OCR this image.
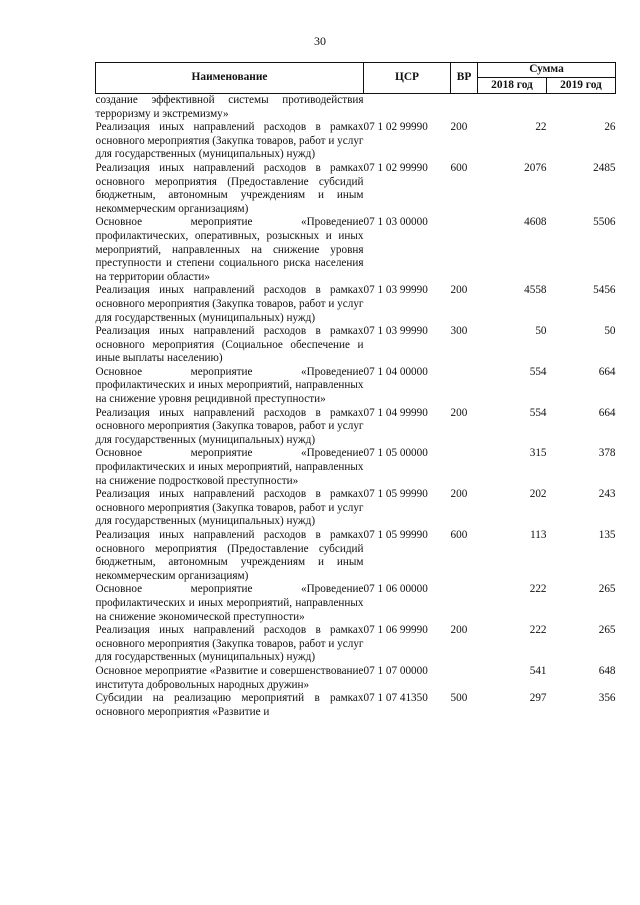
30
Наименование	ЦСР	ВР	Сумма	
			2018 год	2019 год
создание эффективной системы противодействия терроризму и экстремизму»				
Реализация иных направлений расходов в рамках основного мероприятия (Закупка товаров, работ и услуг для государственных (муниципальных) нужд)	07 1 02 99990	200	22	26
Реализация иных направлений расходов в рамках основного мероприятия (Предоставление субсидий бюджетным, автономным учреждениям и иным некоммерческим организациям)	07 1 02 99990	600	2076	2485
Основное мероприятие «Проведение профилактических, оперативных, розыскных и иных мероприятий, направленных на снижение уровня преступности и степени социального риска населения на территории области»	07 1 03 00000		4608	5506
Реализация иных направлений расходов в рамках основного мероприятия (Закупка товаров, работ и услуг для государственных (муниципальных) нужд)	07 1 03 99990	200	4558	5456
Реализация иных направлений расходов в рамках основного мероприятия (Социальное обеспечение и иные выплаты населению)	07 1 03 99990	300	50	50
Основное мероприятие «Проведение профилактических и иных мероприятий, направленных на снижение уровня рецидивной преступности»	07 1 04 00000		554	664
Реализация иных направлений расходов в рамках основного мероприятия (Закупка товаров, работ и услуг для государственных (муниципальных) нужд)	07 1 04 99990	200	554	664
Основное мероприятие «Проведение профилактических и иных мероприятий, направленных на снижение подростковой преступности»	07 1 05 00000		315	378
Реализация иных направлений расходов в рамках основного мероприятия (Закупка товаров, работ и услуг для государственных (муниципальных) нужд)	07 1 05 99990	200	202	243
Реализация иных направлений расходов в рамках основного мероприятия (Предоставление субсидий бюджетным, автономным учреждениям и иным некоммерческим организациям)	07 1 05 99990	600	113	135
Основное мероприятие «Проведение профилактических и иных мероприятий, направленных на снижение экономической преступности»	07 1 06 00000		222	265
Реализация иных направлений расходов в рамках основного мероприятия (Закупка товаров, работ и услуг для государственных (муниципальных) нужд)	07 1 06 99990	200	222	265
Основное мероприятие «Развитие и совершенствование института добровольных народных дружин»	07 1 07 00000		541	648
Субсидии на реализацию мероприятий в рамках основного мероприятия «Развитие и	07 1 07 41350	500	297	356
